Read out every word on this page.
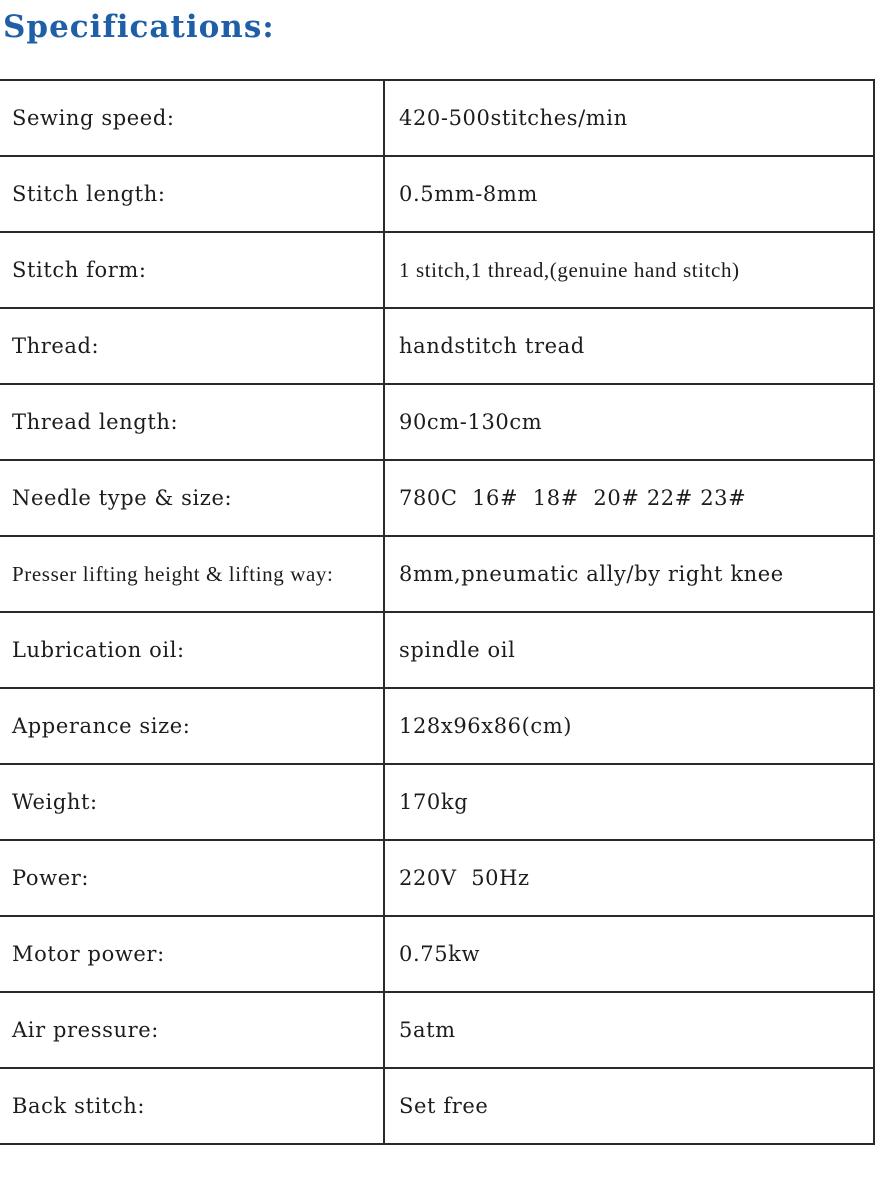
Specifications:
Sewing speed:	420-500stitches/min
Stitch length:	0.5mm-8mm
Stitch form:	1 stitch,1 thread,(genuine hand stitch)
Thread:	handstitch tread
Thread length:	90cm-130cm
Needle type & size:	780C  16#  18#  20# 22# 23#
Presser lifting height & lifting way:	8mm,pneumatic ally/by right knee
Lubrication oil:	spindle oil
Apperance size:	128x96x86(cm)
Weight:	170kg
Power:	220V  50Hz
Motor power:	0.75kw
Air pressure:	5atm
Back stitch:	Set free
